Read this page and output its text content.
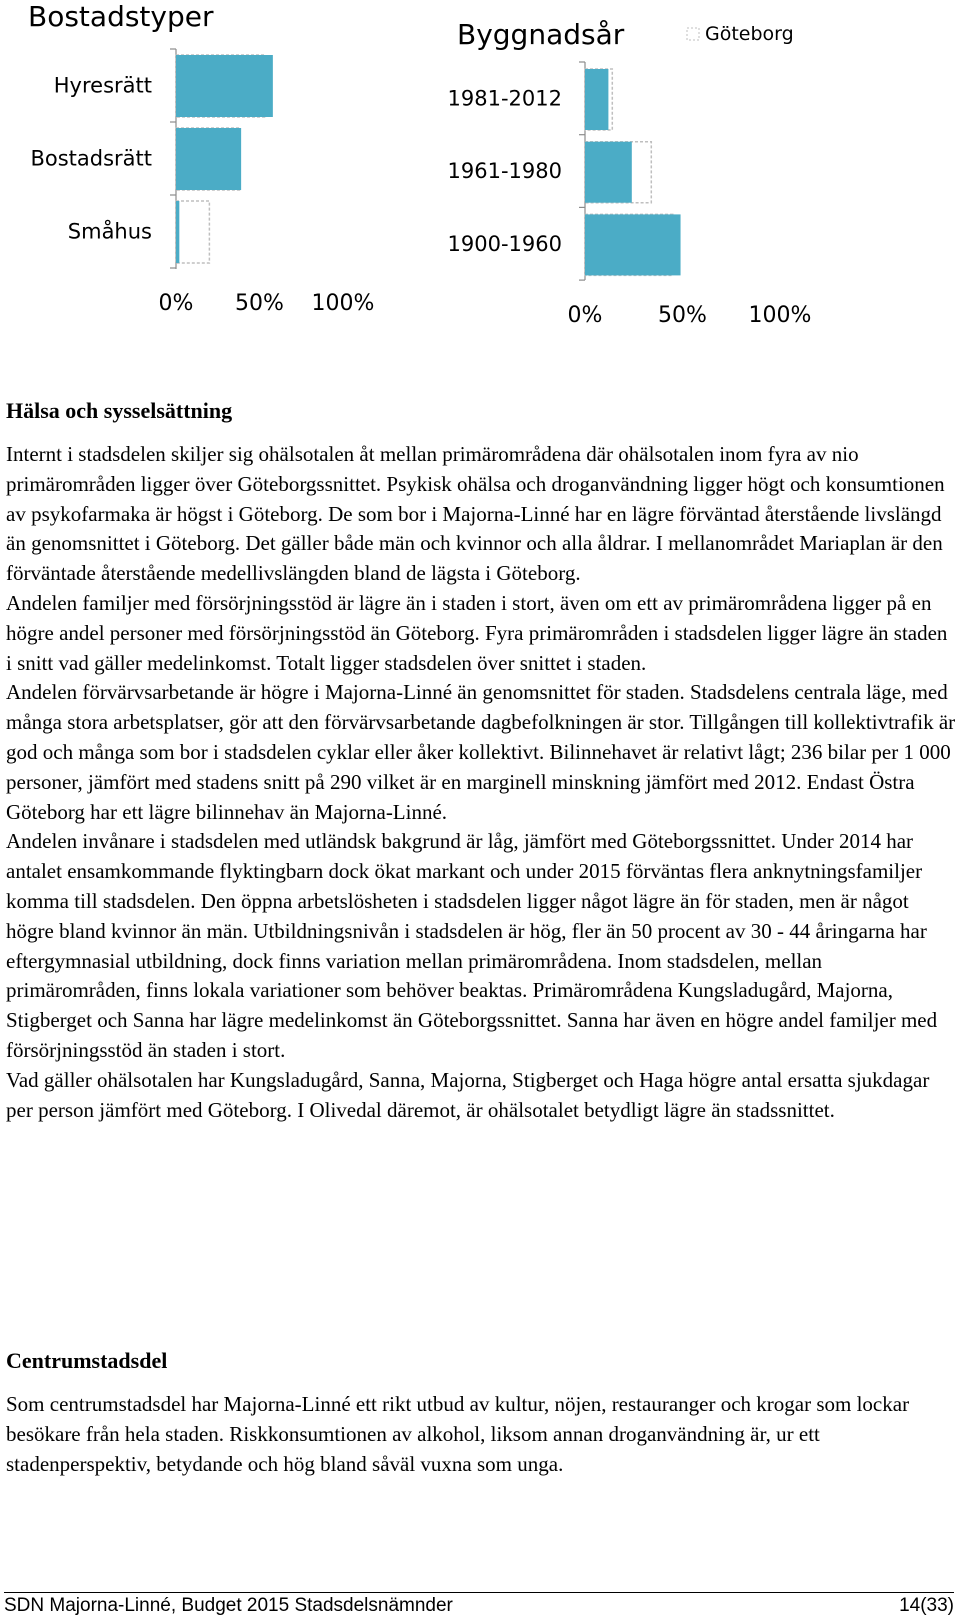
Bostadstyper
Hyresrätt
Bostadsrätt
Småhus
0% 50% 100%
Byggnadsår	Göteborg
1981-2012
1961-1980
1900-1960
0%	50% 100%
Hälsa och sysselsättning

Internt i stadsdelen skiljer sig ohälsotalen åt mellan primärområdena där ohälsotalen inom fyra av nio primärområden ligger över Göteborgssnittet. Psykisk ohälsa och droganvändning ligger högt och konsumtionen av psykofarmaka är högst i Göteborg. De som bor i Majorna-Linné har en lägre förväntad återstående livslängd än genomsnittet i Göteborg. Det gäller både män och kvinnor och alla åldrar. I mellanområdet Mariaplan är den förväntade återstående medellivslängden bland de lägsta i Göteborg.

Andelen familjer med försörjningsstöd är lägre än i staden i stort, även om ett av primärområdena ligger på en högre andel personer med försörjningsstöd än Göteborg. Fyra primärområden i stadsdelen ligger lägre än staden i snitt vad gäller medelinkomst. Totalt ligger stadsdelen över snittet i staden.

Andelen förvärvsarbetande är högre i Majorna-Linné än genomsnittet för staden. Stadsdelens centrala läge, med många stora arbetsplatser, gör att den förvärvsarbetande dagbefolkningen är stor. Tillgången till kollektivtrafik är god och många som bor i stadsdelen cyklar eller åker kollektivt. Bilinnehavet är relativt lågt; 236 bilar per 1 000 personer, jämfört med stadens snitt på 290 vilket är en marginell minskning jämfört med 2012. Endast Östra Göteborg har ett lägre bilinnehav än Majorna-Linné.

Andelen invånare i stadsdelen med utländsk bakgrund är låg, jämfört med Göteborgssnittet. Under 2014 har antalet ensamkommande flyktingbarn dock ökat markant och under 2015 förväntas flera anknytningsfamiljer komma till stadsdelen. Den öppna arbetslösheten i stadsdelen ligger något lägre än för staden, men är något högre bland kvinnor än män. Utbildningsnivån i stadsdelen är hög, fler än 50 procent av 30 - 44 åringarna har eftergymnasial utbildning, dock finns variation mellan primärområdena. Inom stadsdelen, mellan primärområden, finns lokala variationer som behöver beaktas. Primärområdena Kungsladugård, Majorna, Stigberget och Sanna har lägre medelinkomst än Göteborgssnittet. Sanna har även en högre andel familjer med försörjningsstöd än staden i stort.

Vad gäller ohälsotalen har Kungsladugård, Sanna, Majorna, Stigberget och Haga högre antal ersatta sjukdagar per person jämfört med Göteborg. I Olivedal däremot, är ohälsotalet betydligt lägre än stadssnittet.

Centrumstadsdel

Som centrumstadsdel har Majorna-Linné ett rikt utbud av kultur, nöjen, restauranger och krogar som lockar besökare från hela staden. Riskkonsumtionen av alkohol, liksom annan droganvändning är, ur ett stadenperspektiv, betydande och hög bland såväl vuxna som unga.

SDN Majorna-Linné, Budget 2015 Stadsdelsnämnder	14(33)
